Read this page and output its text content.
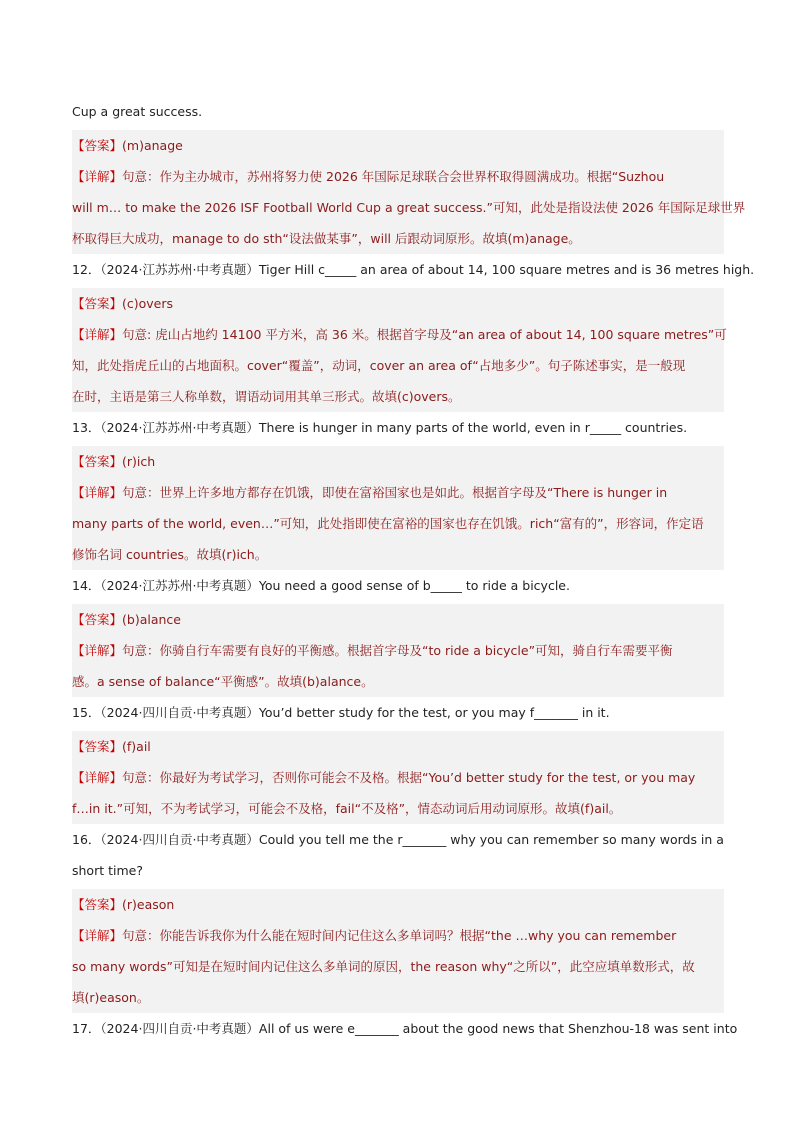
Cup a great success.

【答案】(m)anage

【详解】句意：作为主办城市，苏州将努力使 2026 年国际足球联合会世界杯取得圆满成功。根据“Suzhou

will m… to make the 2026 ISF Football World Cup a great success.”可知，此处是指设法使 2026 年国际足球世界

杯取得巨大成功，manage to do sth“设法做某事”，will 后跟动词原形。故填(m)anage。

12．（2024·江苏苏州·中考真题）Tiger Hill c_____ an area of about 14, 100 square metres and is 36 metres high.

【答案】(c)overs

【详解】句意: 虎山占地约 14100 平方米，高 36 米。根据首字母及“an area of about 14, 100 square metres”可

知，此处指虎丘山的占地面积。cover“覆盖”，动词，cover an area of“占地多少”。句子陈述事实，是一般现

在时，主语是第三人称单数，谓语动词用其单三形式。故填(c)overs。

13．（2024·江苏苏州·中考真题）There is hunger in many parts of the world, even in r_____ countries.

【答案】(r)ich

【详解】句意：世界上许多地方都存在饥饿，即使在富裕国家也是如此。根据首字母及“There is hunger in

many parts of the world, even…”可知，此处指即使在富裕的国家也存在饥饿。rich“富有的”，形容词，作定语

修饰名词 countries。故填(r)ich。

14．（2024·江苏苏州·中考真题）You need a good sense of b_____ to ride a bicycle.

【答案】(b)alance

【详解】句意：你骑自行车需要有良好的平衡感。根据首字母及“to ride a bicycle”可知，骑自行车需要平衡

感。a sense of balance“平衡感”。故填(b)alance。

15．（2024·四川自贡·中考真题）You’d better study for the test, or you may f_______ in it.

【答案】(f)ail

【详解】句意：你最好为考试学习，否则你可能会不及格。根据“You’d better study for the test, or you may

f…in it.”可知，不为考试学习，可能会不及格，fail“不及格”，情态动词后用动词原形。故填(f)ail。

16．（2024·四川自贡·中考真题）Could you tell me the r_______ why you can remember so many words in a

short time?

【答案】(r)eason

【详解】句意：你能告诉我你为什么能在短时间内记住这么多单词吗？根据“the …why you can remember

so many words”可知是在短时间内记住这么多单词的原因，the reason why“之所以”，此空应填单数形式，故

填(r)eason。

17．（2024·四川自贡·中考真题）All of us were e_______ about the good news that Shenzhou-18 was sent into
